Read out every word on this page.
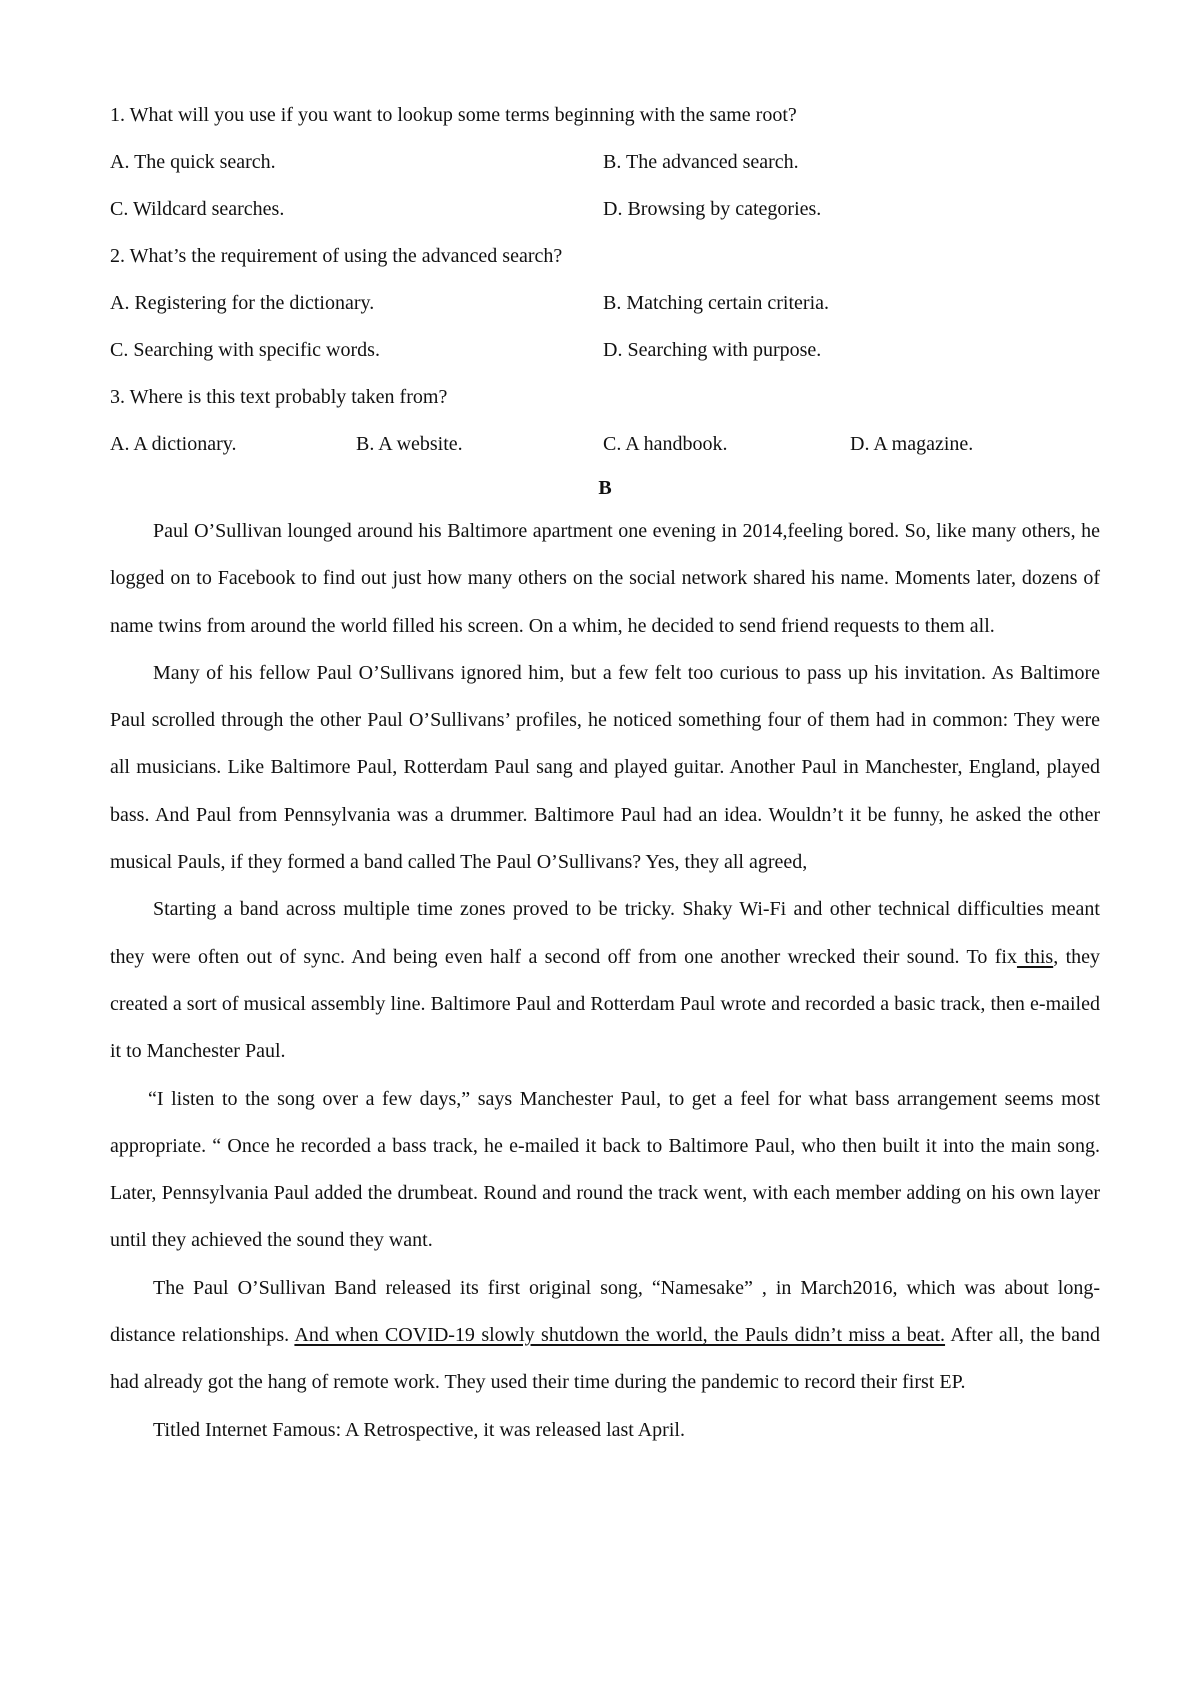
1. What will you use if you want to lookup some terms beginning with the same root?
A. The quick search.	B. The advanced search.
C. Wildcard searches.	D. Browsing by categories.
2. What’s the requirement of using the advanced search?
A. Registering for the dictionary.	B. Matching certain criteria.
C. Searching with specific words.	D. Searching with purpose.
3. Where is this text probably taken from?
A. A dictionary.	B. A website.	C. A handbook.	D. A magazine.
B

Paul O’Sullivan lounged around his Baltimore apartment one evening in 2014,feeling bored. So, like many others, he logged on to Facebook to find out just how many others on the social network shared his name. Moments later, dozens of name twins from around the world filled his screen. On a whim, he decided to send friend requests to them all.

Many of his fellow Paul O’Sullivans ignored him, but a few felt too curious to pass up his invitation. As Baltimore Paul scrolled through the other Paul O’Sullivans’ profiles, he noticed something four of them had in common: They were all musicians. Like Baltimore Paul, Rotterdam Paul sang and played guitar. Another Paul in Manchester, England, played bass. And Paul from Pennsylvania was a drummer. Baltimore Paul had an idea. Wouldn’t it be funny, he asked the other musical Pauls, if they formed a band called The Paul O’Sullivans? Yes, they all agreed,

Starting a band across multiple time zones proved to be tricky. Shaky Wi-Fi and other technical difficulties meant they were often out of sync. And being even half a second off from one another wrecked their sound. To fix this, they created a sort of musical assembly line. Baltimore Paul and Rotterdam Paul wrote and recorded a basic track, then e-mailed it to Manchester Paul.

“I listen to the song over a few days,” says Manchester Paul, to get a feel for what bass arrangement seems most appropriate. “ Once he recorded a bass track, he e-mailed it back to Baltimore Paul, who then built it into the main song. Later, Pennsylvania Paul added the drumbeat. Round and round the track went, with each member adding on his own layer until they achieved the sound they want.

The Paul O’Sullivan Band released its first original song, “Namesake” , in March2016, which was about long-distance relationships. And when COVID-19 slowly shutdown the world, the Pauls didn’t miss a beat. After all, the band had already got the hang of remote work. They used their time during the pandemic to record their first EP.

Titled Internet Famous: A Retrospective, it was released last April.
